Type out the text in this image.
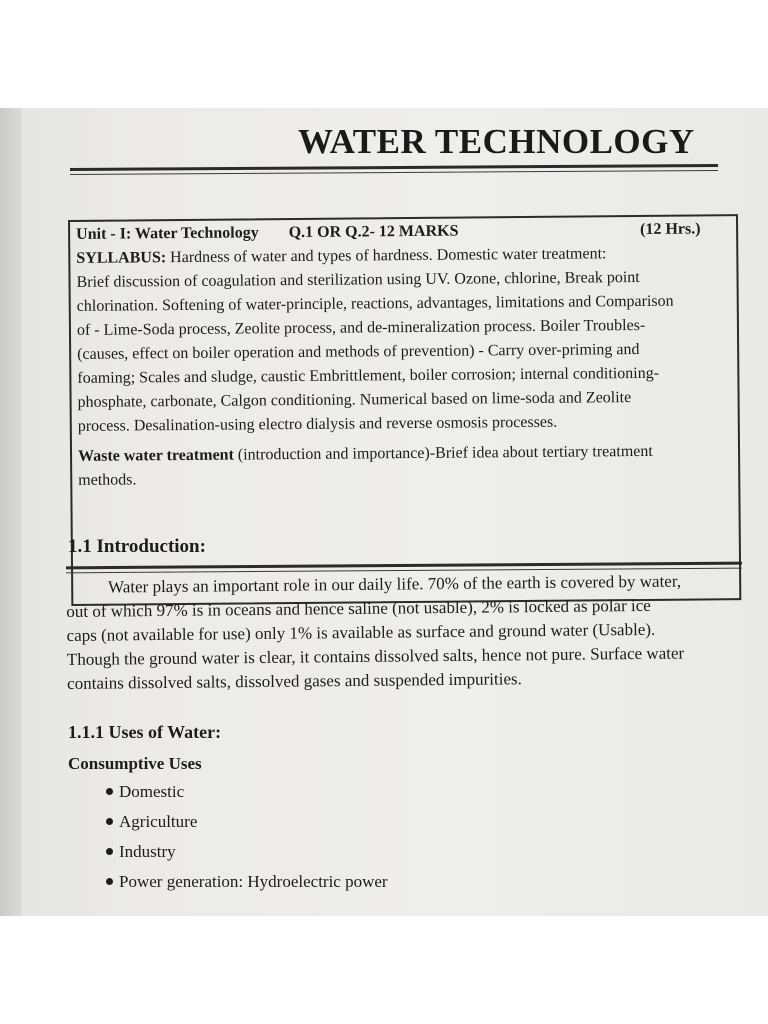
WATER TECHNOLOGY
Unit - I: Water Technology Q.1 OR Q.2- 12 MARKS	(12 Hrs.)
SYLLABUS: Hardness of water and types of hardness. Domestic water treatment:
Brief discussion of coagulation and sterilization using UV. Ozone, chlorine, Break point
chlorination. Softening of water-principle, reactions, advantages, limitations and Comparison
of - Lime-Soda process, Zeolite process, and de-mineralization process. Boiler Troubles-
(causes, effect on boiler operation and methods of prevention) - Carry over-priming and
foaming; Scales and sludge, caustic Embrittlement, boiler corrosion; internal conditioning-
phosphate, carbonate, Calgon conditioning. Numerical based on lime-soda and Zeolite
process. Desalination-using electro dialysis and reverse osmosis processes.
Waste water treatment (introduction and importance)-Brief idea about tertiary treatment
methods.
1.1 Introduction:
Water plays an important role in our daily life. 70% of the earth is covered by water,
out of which 97% is in oceans and hence saline (not usable), 2% is locked as polar ice
caps (not available for use) only 1% is available as surface and ground water (Usable).
Though the ground water is clear, it contains dissolved salts, hence not pure. Surface water
contains dissolved salts, dissolved gases and suspended impurities.
1.1.1 Uses of Water:
Consumptive Uses
Domestic
Agriculture
Industry
Power generation: Hydroelectric power
